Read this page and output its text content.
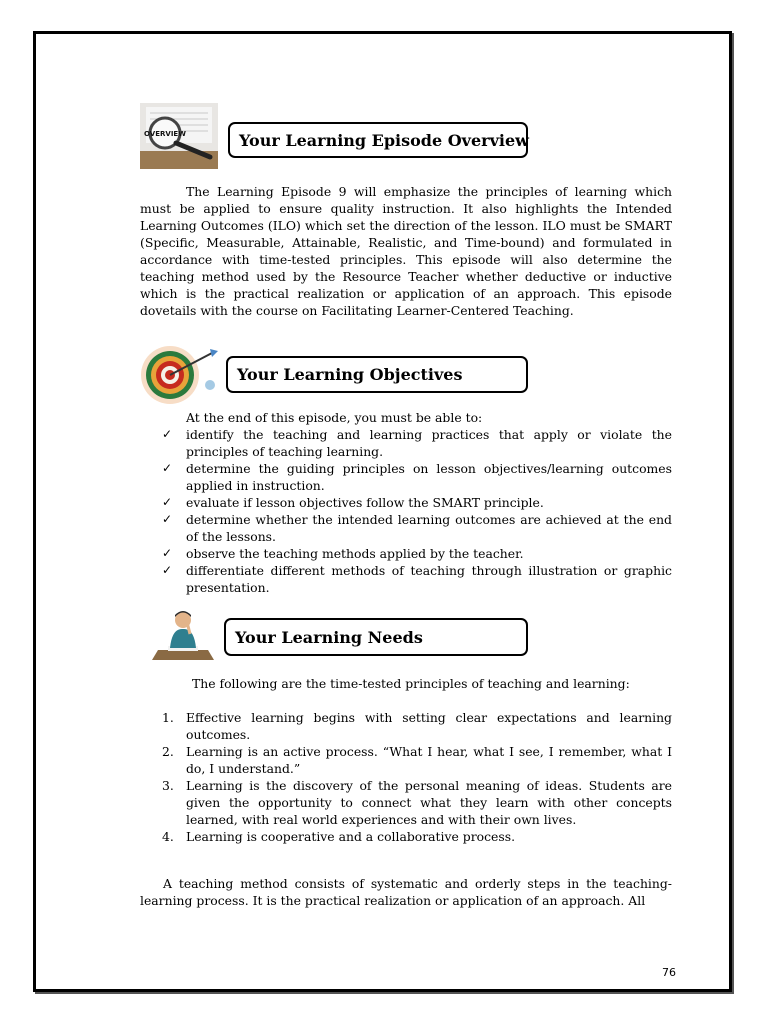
OVERVIEW	Your Learning Episode Overview

The Learning Episode 9 will emphasize the principles of learning which must be applied to ensure quality instruction. It also highlights the Intended Learning Outcomes (ILO) which set the direction of the lesson. ILO must be SMART (Specific, Measurable, Attainable, Realistic, and Time-bound) and formulated in accordance with time-tested principles. This episode will also determine the teaching method used by the Resource Teacher whether deductive or inductive which is the practical realization or application of an approach. This episode dovetails with the course on Facilitating Learner-Centered Teaching.

Your Learning Objectives

At the end of this episode, you must be able to:

✓ identify the teaching and learning practices that apply or violate the principles of teaching learning.
✓ determine the guiding principles on lesson objectives/learning outcomes applied in instruction.
✓ evaluate if lesson objectives follow the SMART principle.
✓ determine whether the intended learning outcomes are achieved at the end of the lessons.
✓ observe the teaching methods applied by the teacher.
✓ differentiate different methods of teaching through illustration or graphic presentation.
Your Learning Needs

The following are the time-tested principles of teaching and learning:

1. Effective learning begins with setting clear expectations and learning outcomes.
2. Learning is an active process. “What I hear, what I see, I remember, what I do, I understand.”
3. Learning is the discovery of the personal meaning of ideas. Students are given the opportunity to connect what they learn with other concepts learned, with real world experiences and with their own lives.
4. Learning is cooperative and a collaborative process.

A teaching method consists of systematic and orderly steps in the teaching-learning process. It is the practical realization or application of an approach. All

76
